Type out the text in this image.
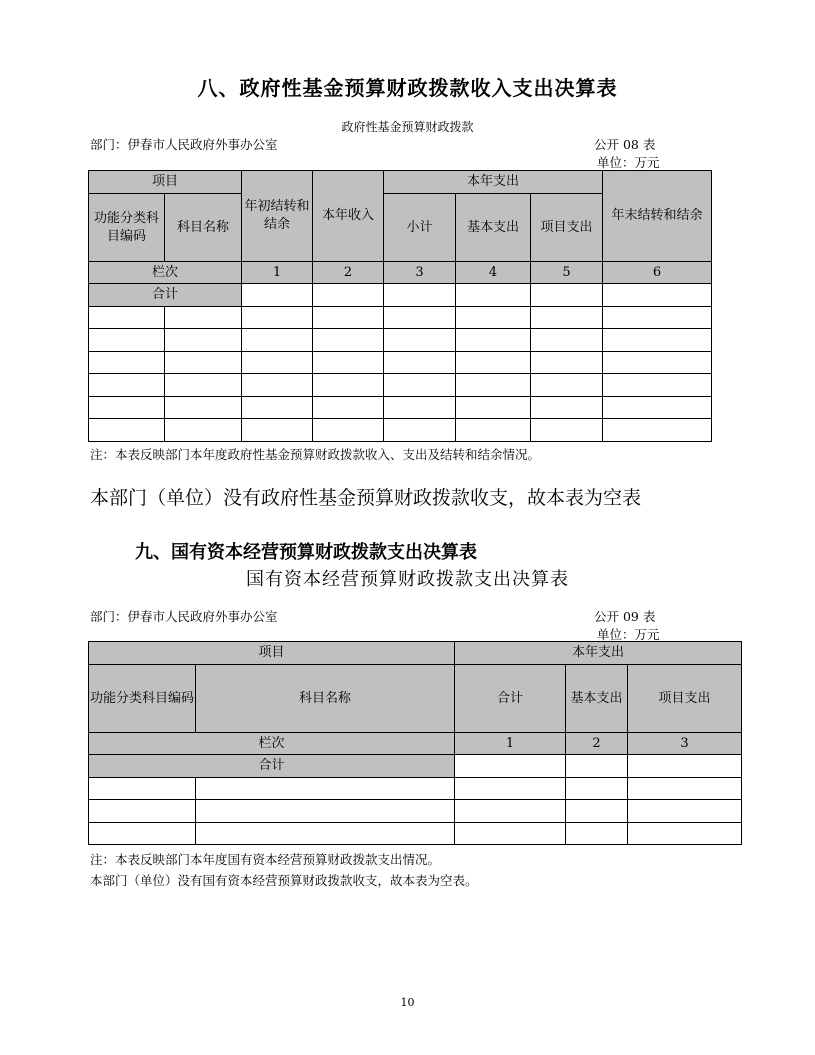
八、政府性基金预算财政拨款收入支出决算表
政府性基金预算财政拨款
部门：伊春市人民政府外事办公室	公开 08 表
单位：万元
项目		年初结转和结余	本年收入	本年支出			年末结转和结余
功能分类科目编码	科目名称			小计	基本支出	项目支出	
栏次		1	2	3	4	5	6
合计							

注：本表反映部门本年度政府性基金预算财政拨款收入、支出及结转和结余情况。
本部门（单位）没有政府性基金预算财政拨款收支，故本表为空表
九、国有资本经营预算财政拨款支出决算表
国有资本经营预算财政拨款支出决算表
部门：伊春市人民政府外事办公室	公开 09 表
单位：万元
项目		本年支出		
功能分类科目编码	科目名称	合计	基本支出	项目支出
栏次		1	2	3
合计				

注：本表反映部门本年度国有资本经营预算财政拨款支出情况。
本部门（单位）没有国有资本经营预算财政拨款收支，故本表为空表。
10
